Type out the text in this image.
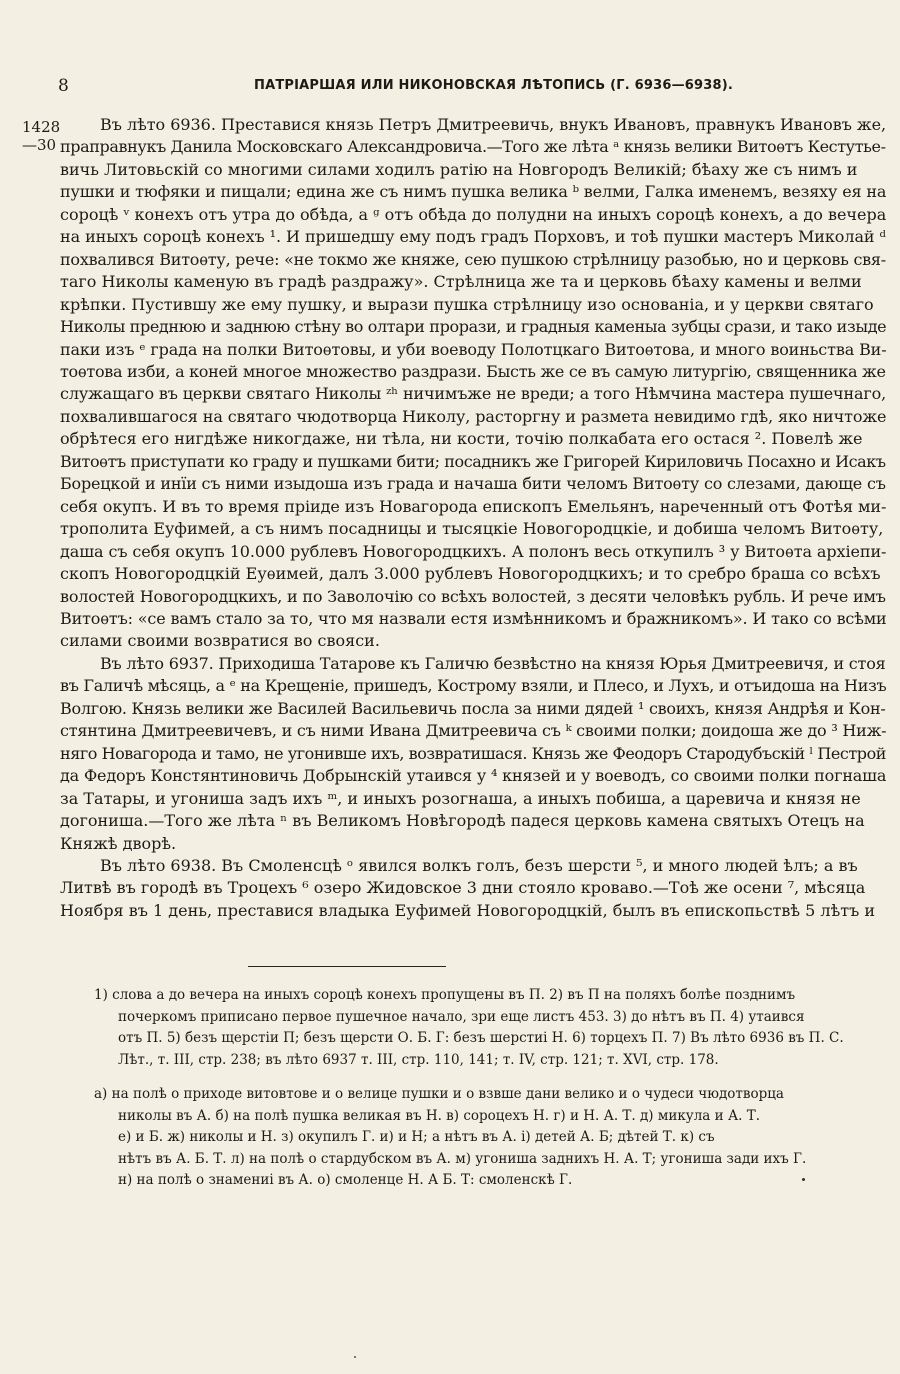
8	ПАТРІАРШАЯ ИЛИ НИКОНОВСКАЯ ЛѢТОПИСЬ (Г. 6936—6938).
1428
—30
Въ лѣто 6936. Преставися князь Петръ Дмитреевичь, внукъ Ивановъ, правнукъ Ивановъ же,
праправнукъ Данила Московскаго Александровича.—Того же лѣта ᵃ князь велики Витоѳтъ Кестутье-
вичь Литовьскій со многими силами ходилъ ратію на Новгородъ Великій; бѣаху же съ нимъ и
пушки и тюфяки и пищали; едина же съ нимъ пушка велика ᵇ велми, Галка именемъ, везяху ея на
сороцѣ ᵛ конехъ отъ утра до обѣда, а ᵍ отъ обѣда до полудни на иныхъ сороцѣ конехъ, а до вечера
на иныхъ сороцѣ конехъ ¹. И пришедшу ему подъ градъ Порховъ, и тоѣ пушки мастеръ Миколай ᵈ
похвалився Витоѳту, рече: «не токмо же княже, сею пушкою стрѣлницу разобью, но и церковь свя-
таго Николы каменую въ градѣ раздражу». Стрѣлница же та и церковь бѣаху камены и велми
крѣпки. Пустившу же ему пушку, и вырази пушка стрѣлницу изо основаніа, и у церкви святаго
Николы преднюю и заднюю стѣну во олтари прорази, и градныя каменыа зубцы срази, и тако изыде
паки изъ ᵉ града на полки Витоѳтовы, и уби воеводу Полотцкаго Витоѳтова, и много воиньства Ви-
тоѳтова изби, а коней многое множество раздрази. Бысть же се въ самую литургію, священника же
служащаго въ церкви святаго Николы ᶻʰ ничимъже не вреди; а того Нѣмчина мастера пушечнаго,
похвалившагося на святаго чюдотворца Николу, расторгну и размета невидимо гдѣ, яко ничтоже
обрѣтеся его нигдѣже никогдаже, ни тѣла, ни кости, точію полкабата его остася ². Повелѣ же
Витоѳтъ приступати ко граду и пушками бити; посадникъ же Григорей Кириловичь Посахно и Исакъ
Борецкой и инїи съ ними изыдоша изъ града и начаша бити челомъ Витоѳту со слезами, дающе съ
себя окупъ. И въ то время пріиде изъ Новагорода епископъ Емельянъ, нареченный отъ Фотѣя ми-
трополита Еуфимей, а съ нимъ посадницы и тысяцкіе Новогородцкіе, и добиша челомъ Витоѳту,
даша съ себя окупъ 10.000 рублевъ Новогородцкихъ. А полонъ весь откупилъ ³ у Витоѳта архіепи-
скопъ Новогородцкій Еуѳимей, далъ 3.000 рублевъ Новогородцкихъ; и то сребро браша со всѣхъ
волостей Новогородцкихъ, и по Заволочію со всѣхъ волостей, з десяти человѣкъ рубль. И рече имъ
Витоѳтъ: «се вамъ стало за то, что мя назвали естя измѣнникомъ и бражникомъ». И тако со всѣми
силами своими возвратися во свояси.
Въ лѣто 6937. Приходиша Татарове къ Галичю безвѣстно на князя Юрья Дмитреевичя, и стоя
въ Галичѣ мѣсяць, а ᵉ на Крещеніе, пришедъ, Кострому взяли, и Плесо, и Лухъ, и отъидоша на Низъ
Волгою. Князь велики же Василей Васильевичь посла за ними дядей ¹ своихъ, князя Андрѣя и Кон-
стянтина Дмитреевичевъ, и съ ними Ивана Дмитреевича съ ᵏ своими полки; доидоша же до ³ Ниж-
няго Новагорода и тамо, не угонивше ихъ, возвратишася. Князь же Феодоръ Стародубъскій ˡ Пестрой
да Федоръ Констянтиновичь Добрынскій утаився у ⁴ князей и у воеводъ, со своими полки погнаша
за Татары, и угониша задъ ихъ ᵐ, и иныхъ розогнаша, а иныхъ побиша, а царевича и князя не
догониша.—Того же лѣта ⁿ въ Великомъ Новѣгородѣ падеся церковь камена святыхъ Отецъ на
Княжѣ дворѣ.
Въ лѣто 6938. Въ Смоленсцѣ ᵒ явился волкъ голъ, безъ шерсти ⁵, и много людей ѣлъ; а въ
Литвѣ въ городѣ въ Троцехъ ⁶ озеро Жидовское 3 дни стояло кроваво.—Тоѣ же осени ⁷, мѣсяца
Ноября въ 1 день, преставися владыка Еуфимей Новогородцкій, былъ въ епископьствѣ 5 лѣтъ и
1) слова а до вечера на иныхъ сороцѣ конехъ пропущены въ П. 2) въ П на поляхъ болѣе позднимъ
почеркомъ приписано первое пушечное начало, зри еще листъ 453. 3) до нѣтъ въ П. 4) утаився
отъ П. 5) безъ щерстіи П; безъ щерсти О. Б. Г: безъ шерстиі Н. 6) торцехъ П. 7) Въ лѣто 6936 въ П. С.
Лѣт., т. III, стр. 238; въ лѣто 6937 т. III, стр. 110, 141; т. IV, стр. 121; т. XVI, стр. 178.
а) на полѣ о приходе витовтове и о велице пушки и о взвше дани велико и о чудеси чюдотворца
николы въ А. б) на полѣ пушка великая въ Н. в) сороцехъ Н. г) и Н. А. Т. д) микула и А. Т.
е) и Б. ж) николы и Н. з) окупилъ Г. и) и Н; а нѣтъ въ А. і) детей А. Б; дѣтей Т. к) съ
нѣтъ въ А. Б. Т. л) на полѣ о стардубском въ А. м) угониша заднихъ Н. А. Т; угониша зади ихъ Г.
н) на полѣ о знамениі въ А. о) смоленце Н. А Б. Т: смоленскѣ Г.
